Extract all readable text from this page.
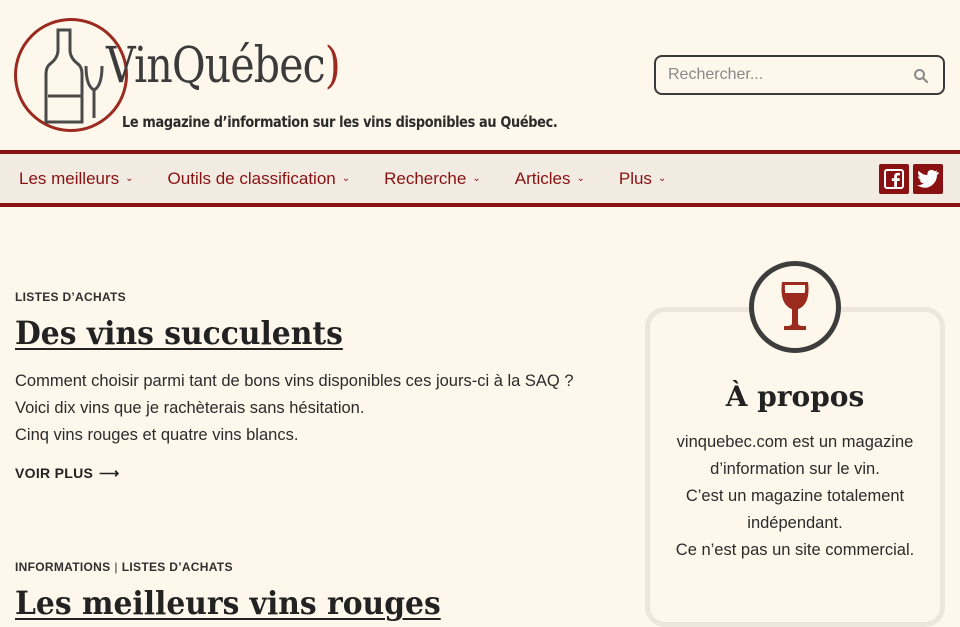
VinQuébec)
Le magazine d’information sur les vins disponibles au Québec.
Rechercher...
Les meilleurs ⌄ Outils de classification ⌄ Recherche ⌄ Articles ⌄ Plus ⌄
LISTES D’ACHATS
Des vins succulents
Comment choisir parmi tant de bons vins disponibles ces jours-ci à la SAQ ?
Voici dix vins que je rachèterais sans hésitation.
Cinq vins rouges et quatre vins blancs.
VOIR PLUS ⟶
INFORMATIONS | LISTES D’ACHATS
Les meilleurs vins rouges
À propos
vinquebec.com est un magazine d’information sur le vin.
C’est un magazine totalement indépendant.
Ce n’est pas un site commercial.
